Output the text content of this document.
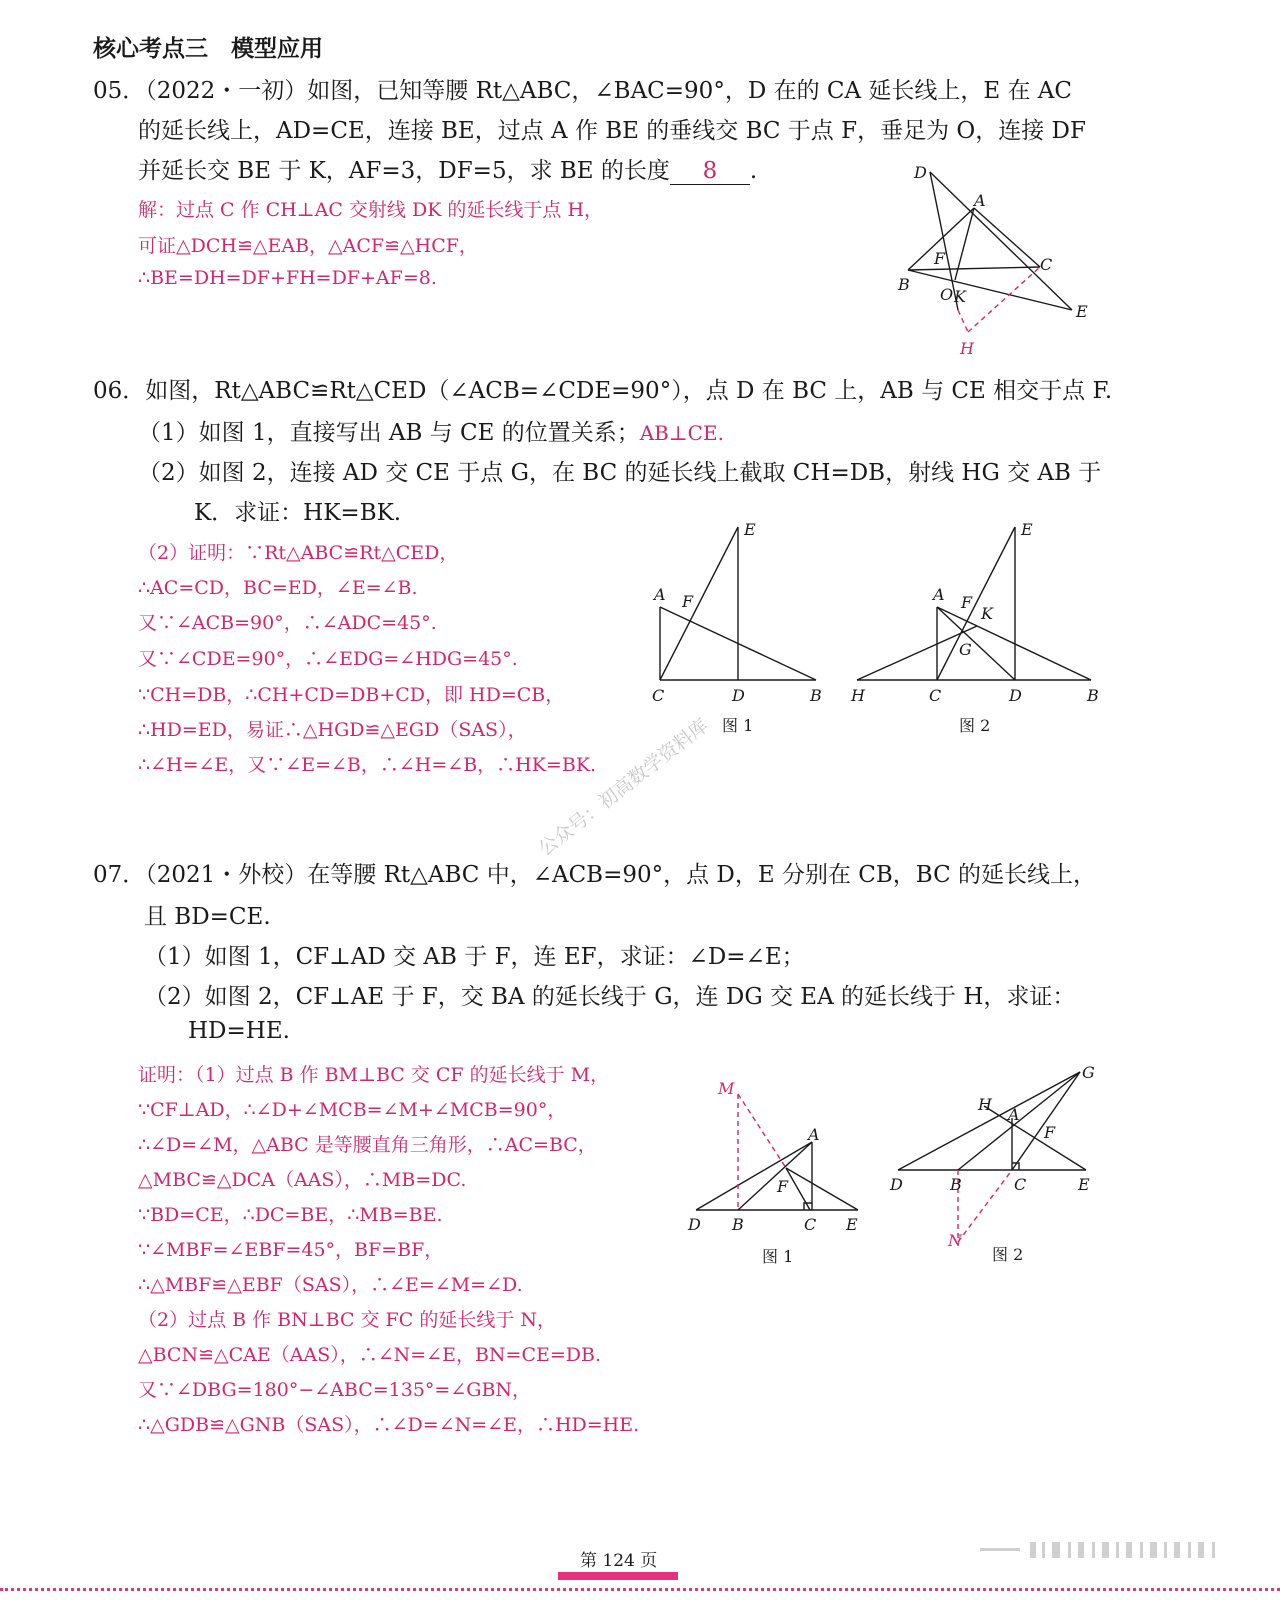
核心考点三　模型应用
05．（2022・一初）如图，已知等腰 Rt△ABC，∠BAC=90°，D 在的 CA 延长线上，E 在 AC
的延长线上，AD=CE，连接 BE，过点 A 作 BE 的垂线交 BC 于点 F，垂足为 O，连接 DF
并延长交 BE 于 K，AF=3，DF=5，求 BE 的长度 8 .
解：过点 C 作 CH⊥AC 交射线 DK 的延长线于点 H，
可证△DCH≌△EAB，△ACF≌△HCF，
∴BE=DH=DF+FH=DF+AF=8.
D
A
F	C
B
O K
E
H
06．如图，Rt△ABC≌Rt△CED（∠ACB=∠CDE=90°），点 D 在 BC 上，AB 与 CE 相交于点 F.
（1）如图 1，直接写出 AB 与 CE 的位置关系；AB⊥CE.
（2）如图 2，连接 AD 交 CE 于点 G，在 BC 的延长线上截取 CH=DB，射线 HG 交 AB 于
K．求证：HK=BK.
（2）证明：∵Rt△ABC≌Rt△CED，
∴AC=CD，BC=ED，∠E=∠B.
又∵∠ACB=90°，∴∠ADC=45°.
又∵∠CDE=90°，∴∠EDG=∠HDG=45°.
∵CH=DB，∴CH+CD=DB+CD，即 HD=CB，
∴HD=ED，易证∴△HGD≌△EGD（SAS），
∴∠H=∠E，又∵∠E=∠B，∴∠H=∠B，∴HK=BK.
E
A F
C	D	B
图 1
E
A F
K
G
H	C	D	B
图 2
公众号：初高数学资料库
07．（2021・外校）在等腰 Rt△ABC 中，∠ACB=90°，点 D，E 分别在 CB，BC 的延长线上，
且 BD=CE.
（1）如图 1，CF⊥AD 交 AB 于 F，连 EF，求证：∠D=∠E；
（2）如图 2，CF⊥AE 于 F，交 BA 的延长线于 G，连 DG 交 EA 的延长线于 H，求证：
HD=HE.
证明：（1）过点 B 作 BM⊥BC 交 CF 的延长线于 M，
∵CF⊥AD，∴∠D+∠MCB=∠M+∠MCB=90°，
∴∠D=∠M，△ABC 是等腰直角三角形，∴AC=BC，
△MBC≌△DCA（AAS），∴MB=DC.
∵BD=CE，∴DC=BE，∴MB=BE.
∵∠MBF=∠EBF=45°，BF=BF，
∴△MBF≌△EBF（SAS），∴∠E=∠M=∠D.
（2）过点 B 作 BN⊥BC 交 FC 的延长线于 N，
△BCN≌△CAE（AAS），∴∠N=∠E，BN=CE=DB.
又∵∠DBG=180°−∠ABC=135°=∠GBN，
∴△GDB≌△GNB（SAS），∴∠D=∠N=∠E，∴HD=HE.
M
A
F
D B	C E
图 1
G
H
A
F
D	B	C	E
N
图 2
第 124 页
